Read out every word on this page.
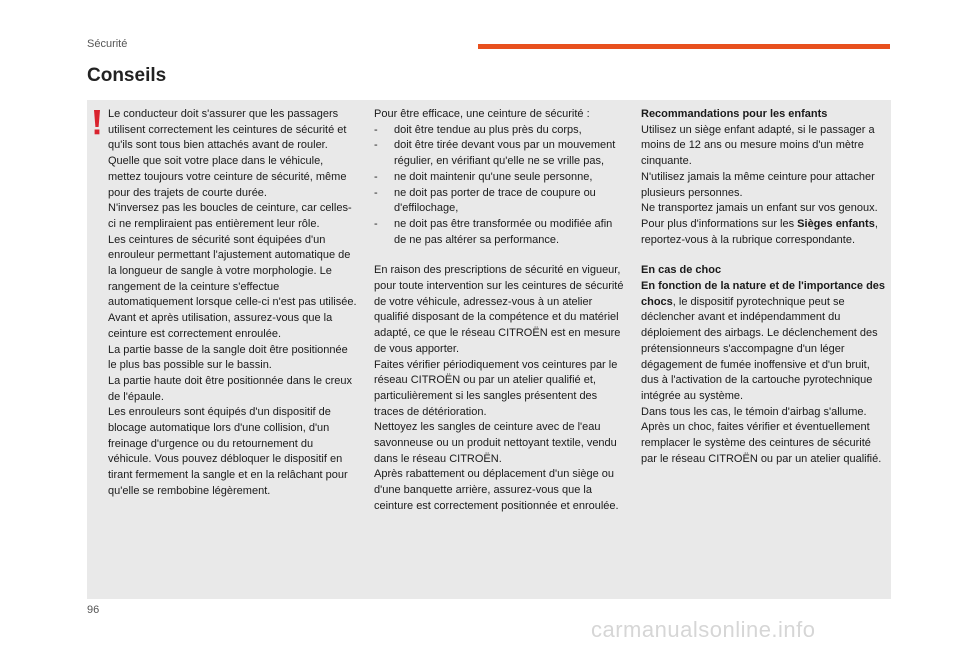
Sécurité
Conseils

Le conducteur doit s'assurer que les passagers utilisent correctement les ceintures de sécurité et qu'ils sont tous bien attachés avant de rouler.

Quelle que soit votre place dans le véhicule, mettez toujours votre ceinture de sécurité, même pour des trajets de courte durée.

N'inversez pas les boucles de ceinture, car celles-ci ne rempliraient pas entièrement leur rôle.

Les ceintures de sécurité sont équipées d'un enrouleur permettant l'ajustement automatique de la longueur de sangle à votre morphologie. Le rangement de la ceinture s'effectue automatiquement lorsque celle-ci n'est pas utilisée.

Avant et après utilisation, assurez-vous que la ceinture est correctement enroulée.

La partie basse de la sangle doit être positionnée le plus bas possible sur le bassin.

La partie haute doit être positionnée dans le creux de l'épaule.

Les enrouleurs sont équipés d'un dispositif de blocage automatique lors d'une collision, d'un freinage d'urgence ou du retournement du véhicule. Vous pouvez débloquer le dispositif en tirant fermement la sangle et en la relâchant pour qu'elle se rembobine légèrement.

Pour être efficace, une ceinture de sécurité :

- doit être tendue au plus près du corps,
- doit être tirée devant vous par un mouvement régulier, en vérifiant qu'elle ne se vrille pas,
- ne doit maintenir qu'une seule personne,
- ne doit pas porter de trace de coupure ou d'effilochage,
- ne doit pas être transformée ou modifiée afin de ne pas altérer sa performance.

En raison des prescriptions de sécurité en vigueur, pour toute intervention sur les ceintures de sécurité de votre véhicule, adressez-vous à un atelier qualifié disposant de la compétence et du matériel adapté, ce que le réseau CITROËN est en mesure de vous apporter.

Faites vérifier périodiquement vos ceintures par le réseau CITROËN ou par un atelier qualifié et, particulièrement si les sangles présentent des traces de détérioration.

Nettoyez les sangles de ceinture avec de l'eau savonneuse ou un produit nettoyant textile, vendu dans le réseau CITROËN.

Après rabattement ou déplacement d'un siège ou d'une banquette arrière, assurez-vous que la ceinture est correctement positionnée et enroulée.

Recommandations pour les enfants

Utilisez un siège enfant adapté, si le passager a moins de 12 ans ou mesure moins d'un mètre cinquante.

N'utilisez jamais la même ceinture pour attacher plusieurs personnes.

Ne transportez jamais un enfant sur vos genoux.

Pour plus d'informations sur les Sièges enfants, reportez-vous à la rubrique correspondante.

En cas de choc

En fonction de la nature et de l'importance des chocs, le dispositif pyrotechnique peut se déclencher avant et indépendamment du déploiement des airbags. Le déclenchement des prétensionneurs s'accompagne d'un léger dégagement de fumée inoffensive et d'un bruit, dus à l'activation de la cartouche pyrotechnique intégrée au système.

Dans tous les cas, le témoin d'airbag s'allume.

Après un choc, faites vérifier et éventuellement remplacer le système des ceintures de sécurité par le réseau CITROËN ou par un atelier qualifié.

96
carmanualsonline.info
